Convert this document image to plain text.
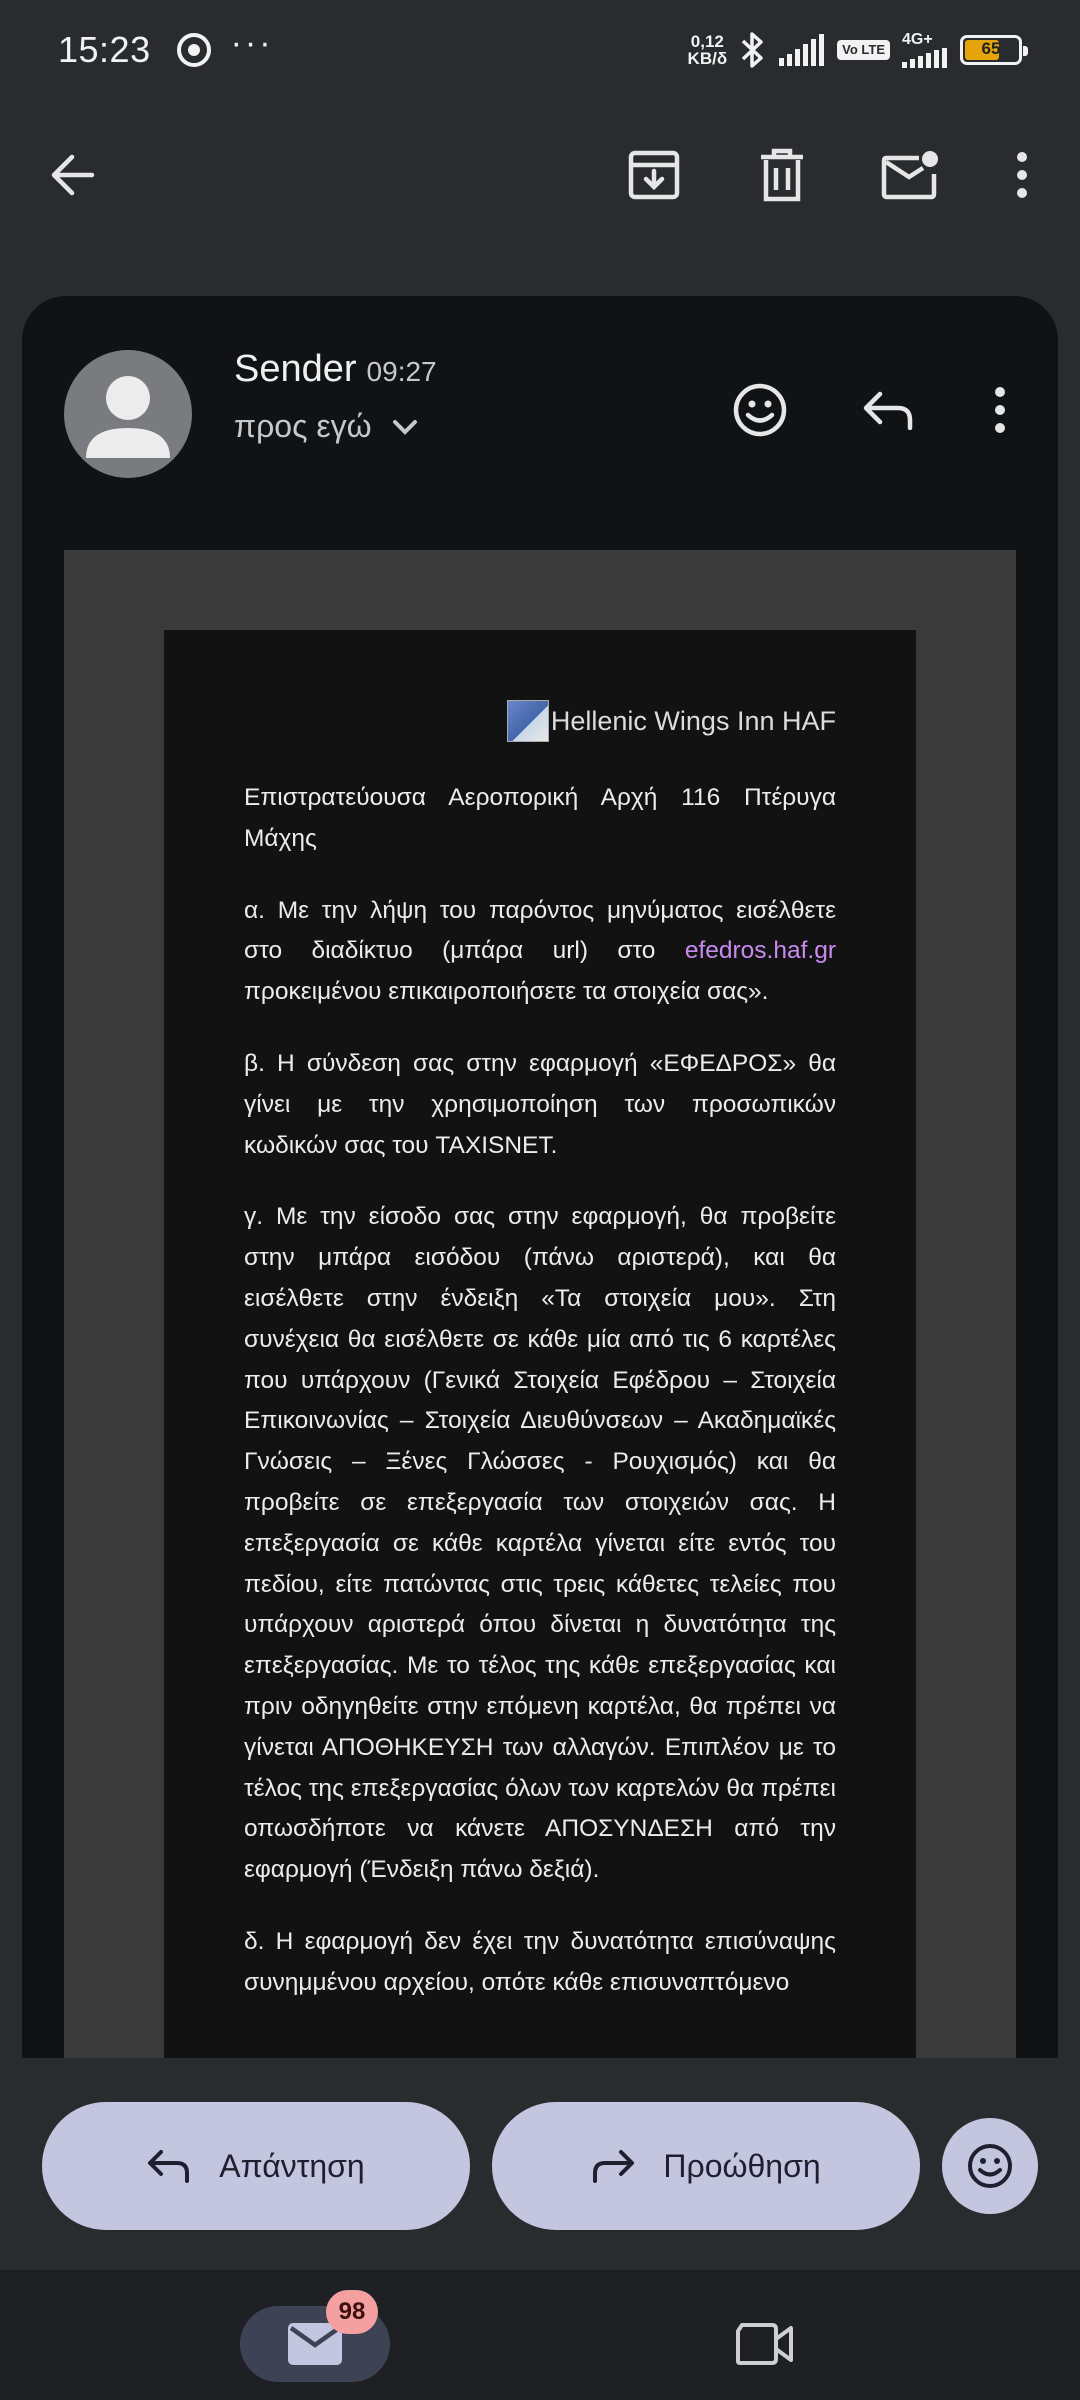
15:23 ···	0,12
KB/δ	Vo LTE
4G+	65
Sender 09:27
προς εγώ
Hellenic Wings Inn HAF

Επιστρατεύουσα Αεροπορική Αρχή 116 Πτέρυγα Μάχης

α. Με την λήψη του παρόντος μηνύματος εισέλθετε στο διαδίκτυο (μπάρα url) στο efedros.haf.gr προκειμένου επικαιροποιήσετε τα στοιχεία σας».

β. Η σύνδεση σας στην εφαρμογή «ΕΦΕΔΡΟΣ» θα γίνει με την χρησιμοποίηση των προσωπικών κωδικών σας του TAXISNET.

γ. Με την είσοδο σας στην εφαρμογή, θα προβείτε στην μπάρα εισόδου (πάνω αριστερά), και θα εισέλθετε στην ένδειξη «Τα στοιχεία μου». Στη συνέχεια θα εισέλθετε σε κάθε μία από τις 6 καρτέλες που υπάρχουν (Γενικά Στοιχεία Εφέδρου – Στοιχεία Επικοινωνίας – Στοιχεία Διευθύνσεων – Ακαδημαϊκές Γνώσεις – Ξένες Γλώσσες - Ρουχισμός) και θα προβείτε σε επεξεργασία των στοιχειών σας. Η επεξεργασία σε κάθε καρτέλα γίνεται είτε εντός του πεδίου, είτε πατώντας στις τρεις κάθετες τελείες που υπάρχουν αριστερά όπου δίνεται η δυνατότητα της επεξεργασίας. Με το τέλος της κάθε επεξεργασίας και πριν οδηγηθείτε στην επόμενη καρτέλα, θα πρέπει να γίνεται ΑΠΟΘΗΚΕΥΣΗ των αλλαγών. Επιπλέον με το τέλος της επεξεργασίας όλων των καρτελών θα πρέπει οπωσδήποτε να κάνετε ΑΠΟΣΥΝΔΕΣΗ από την εφαρμογή (Ένδειξη πάνω δεξιά).

δ. Η εφαρμογή δεν έχει την δυνατότητα επισύναψης συνημμένου αρχείου, οπότε κάθε επισυναπτόμενο

Απάντηση	Προώθηση
98
